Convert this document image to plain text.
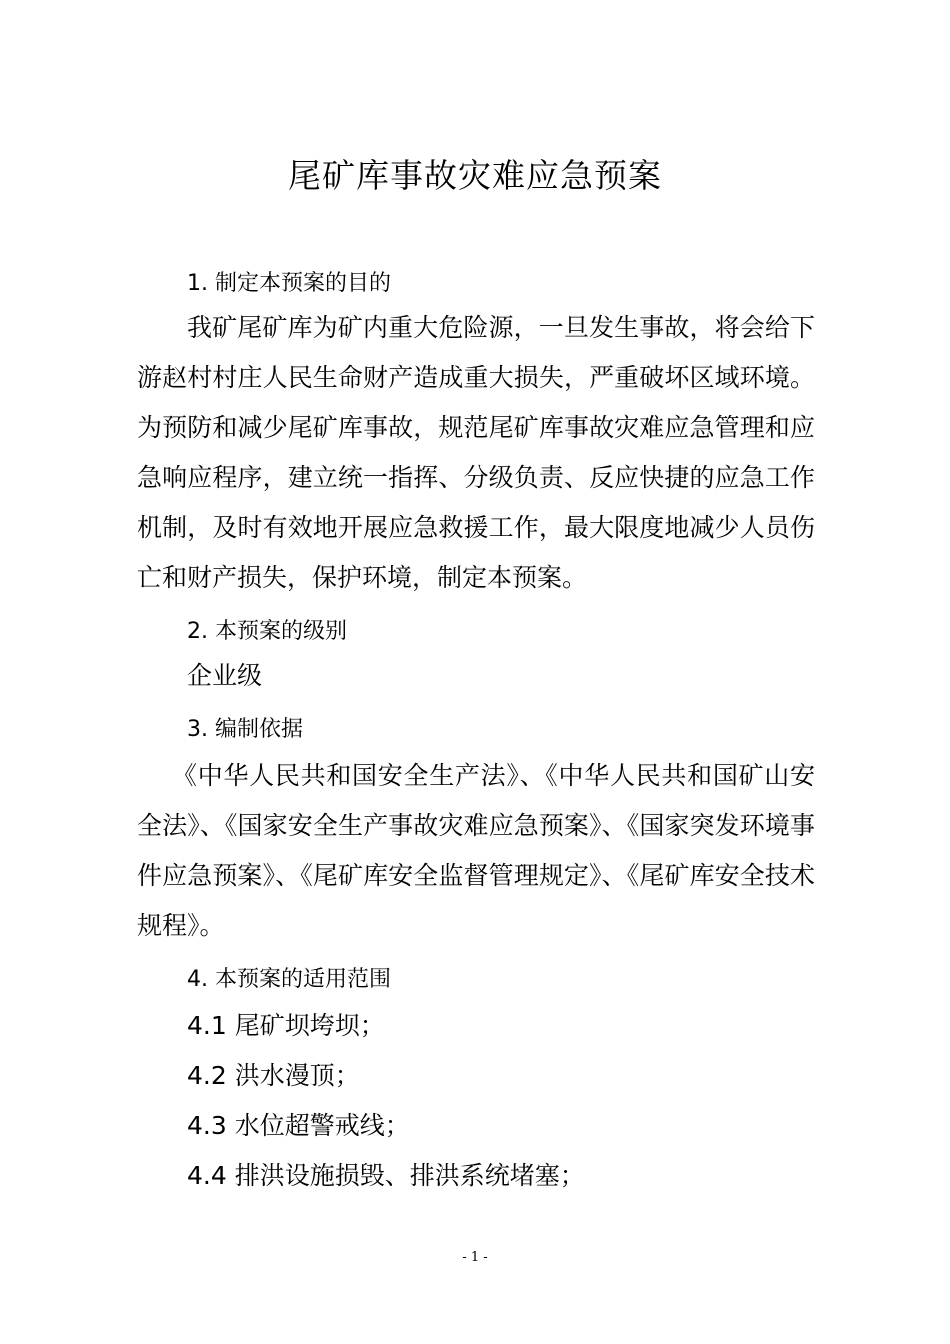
尾矿库事故灾难应急预案
1. 制定本预案的目的
我矿尾矿库为矿内重大危险源，一旦发生事故，将会给下
游赵村村庄人民生命财产造成重大损失，严重破坏区域环境。
为预防和减少尾矿库事故，规范尾矿库事故灾难应急管理和应
急响应程序，建立统一指挥、分级负责、反应快捷的应急工作
机制，及时有效地开展应急救援工作，最大限度地减少人员伤
亡和财产损失，保护环境，制定本预案。
2. 本预案的级别
企业级
3. 编制依据
《中华人民共和国安全生产法》、《中华人民共和国矿山安
全法》、《国家安全生产事故灾难应急预案》、《国家突发环境事
件应急预案》、《尾矿库安全监督管理规定》、《尾矿库安全技术
规程》。
4. 本预案的适用范围
4.1 尾矿坝垮坝；
4.2 洪水漫顶；
4.3 水位超警戒线；
4.4 排洪设施损毁、排洪系统堵塞；
- 1 -
